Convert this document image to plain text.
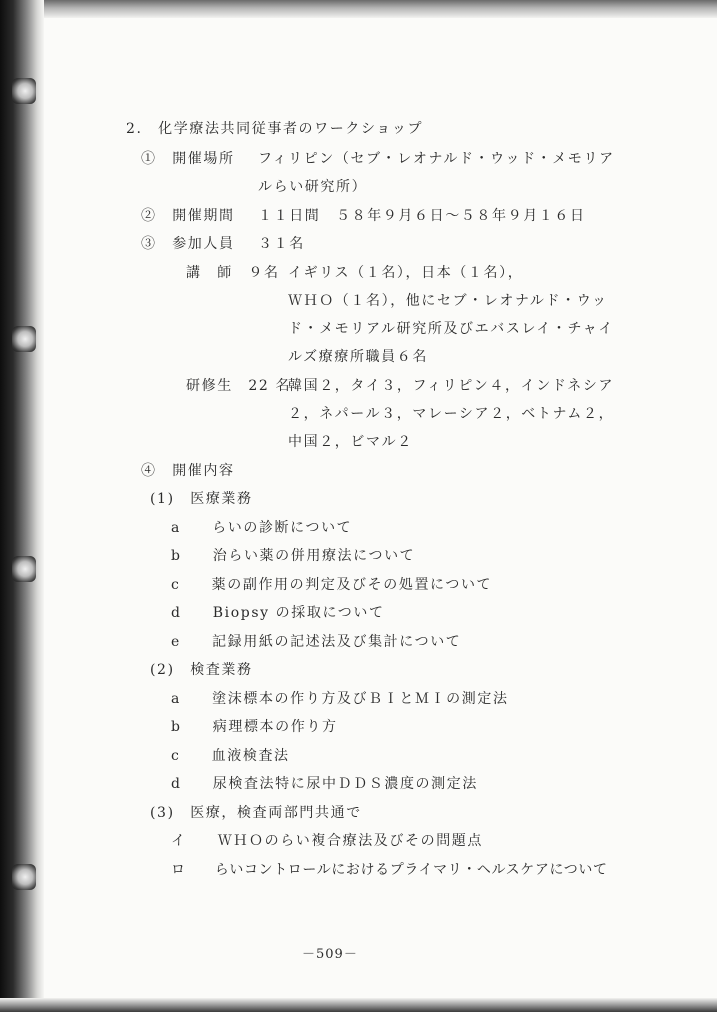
2.　化学療法共同従事者のワークショップ
①　開催場所 フィリピン（セブ・レオナルド・ウッド・メモリア
ルらい研究所）
②　開催期間 １１日間　５８年９月６日〜５８年９月１６日
③　参加人員 ３１名
講　師　９名 イギリス（１名），日本（１名），
ＷＨＯ（１名），他にセブ・レオナルド・ウッ
ド・メモリアル研究所及びエバスレイ・チャイ
ルズ療療所職員６名
研修生　22 名
韓国２，タイ３，フィリピン４，インドネシア
２，ネパール３，マレーシア２，ベトナム２，
中国２，ビマル２
④　開催内容
(1)　医療業務
a　　らいの診断について
b　　治らい薬の併用療法について
c　　薬の副作用の判定及びその処置について
d　　Biopsy の採取について
e　　記録用紙の記述法及び集計について
(2)　検査業務
a　　塗沫標本の作り方及びＢＩとＭＩの測定法
b　　病理標本の作り方
c　　血液検査法
d　　尿検査法特に尿中ＤＤＳ濃度の測定法
(3)　医療，検査両部門共通で
イ　　ＷＨＯのらい複合療法及びその問題点
ロ　　らいコントロールにおけるプライマリ・ヘルスケアについて
－509－
